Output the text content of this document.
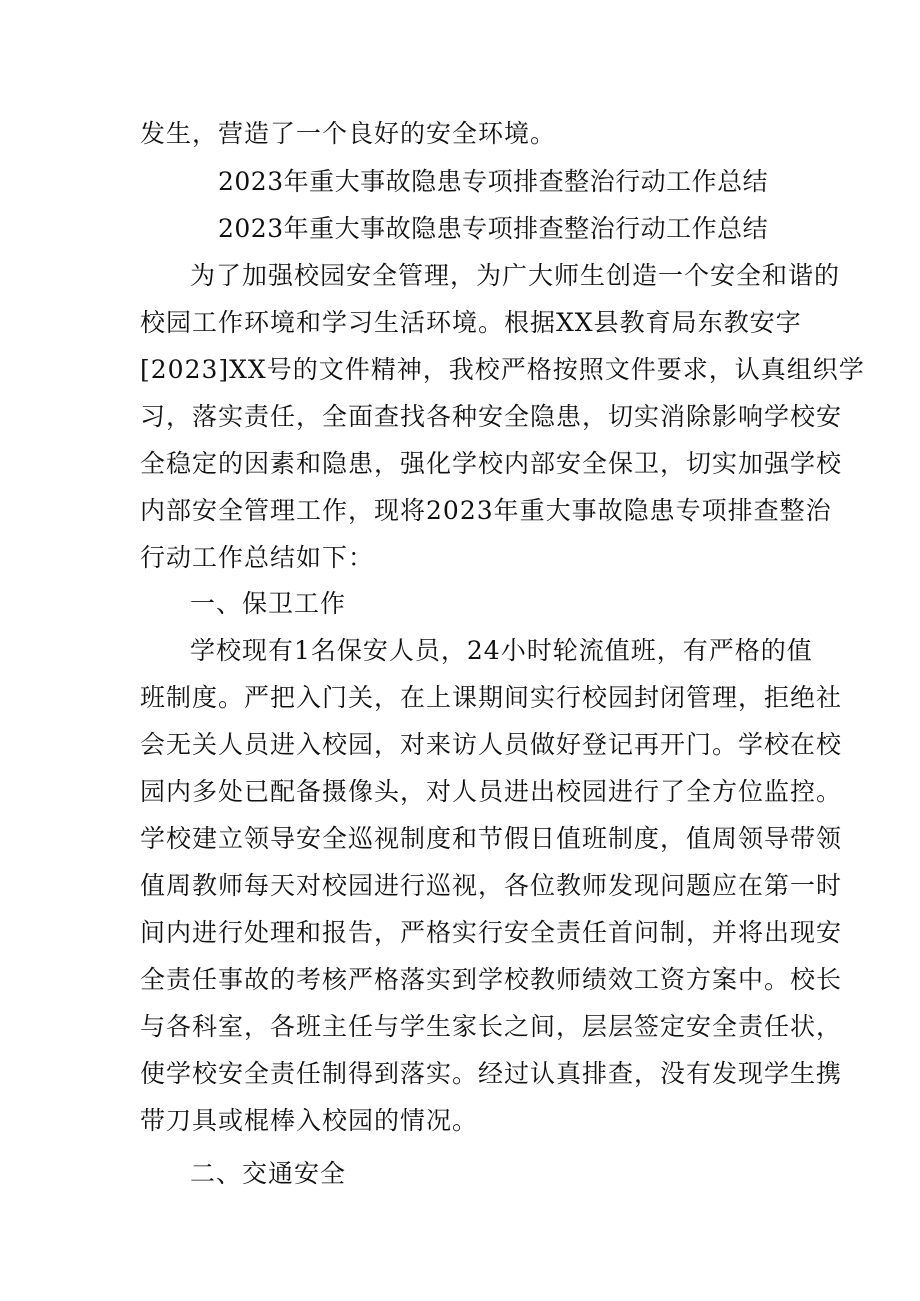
发生，营造了一个良好的安全环境。
2023年重大事故隐患专项排查整治行动工作总结
2023年重大事故隐患专项排查整治行动工作总结
为了加强校园安全管理，为广大师生创造一个安全和谐的
校园工作环境和学习生活环境。根据XX县教育局东教安字
[2023]XX号的文件精神，我校严格按照文件要求，认真组织学
习，落实责任，全面查找各种安全隐患，切实消除影响学校安
全稳定的因素和隐患，强化学校内部安全保卫，切实加强学校
内部安全管理工作，现将2023年重大事故隐患专项排查整治
行动工作总结如下：
一、保卫工作
学校现有1名保安人员，24小时轮流值班，有严格的值
班制度。严把入门关，在上课期间实行校园封闭管理，拒绝社
会无关人员进入校园，对来访人员做好登记再开门。学校在校
园内多处已配备摄像头，对人员进出校园进行了全方位监控。
学校建立领导安全巡视制度和节假日值班制度，值周领导带领
值周教师每天对校园进行巡视，各位教师发现问题应在第一时
间内进行处理和报告，严格实行安全责任首问制，并将出现安
全责任事故的考核严格落实到学校教师绩效工资方案中。校长
与各科室，各班主任与学生家长之间，层层签定安全责任状，
使学校安全责任制得到落实。经过认真排查，没有发现学生携
带刀具或棍棒入校园的情况。
二、交通安全
